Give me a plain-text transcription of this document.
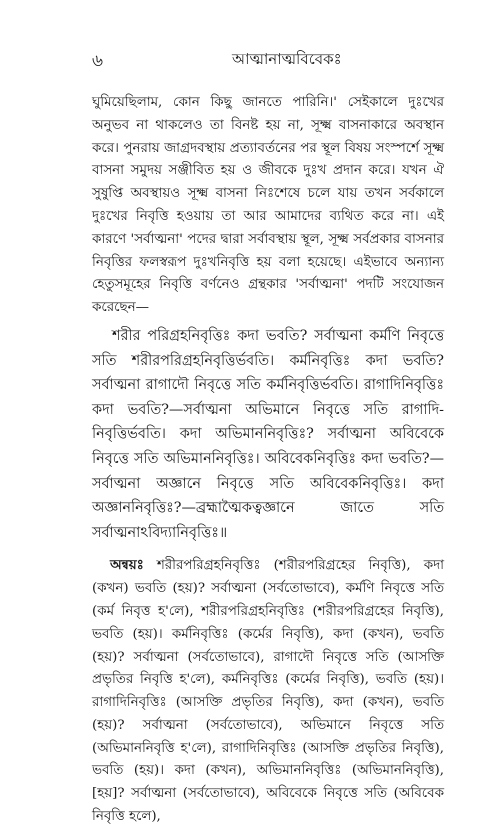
৬	আত্মানাত্মবিবেকঃ

ঘুমিয়েছিলাম, কোন কিছু জানতে পারিনি।' সেইকালে দুঃখের অনুভব না থাকলেও তা বিনষ্ট হয় না, সূক্ষ্ম বাসনাকারে অবস্থান করে। পুনরায় জাগ্রদবস্থায় প্রত্যাবর্তনের পর স্থূল বিষয় সংস্পর্শে সূক্ষ্ম বাসনা সমুদয় সঞ্জীবিত হয় ও জীবকে দুঃখ প্রদান করে। যখন ঐ সুষুপ্তি অবস্থায়ও সূক্ষ্ম বাসনা নিঃশেষে চলে যায় তখন সর্বকালে দুঃখের নিবৃত্তি হওয়ায় তা আর আমাদের ব্যথিত করে না। এই কারণে 'সর্বাত্মনা' পদের দ্বারা সর্বাবস্থায় স্থূল, সূক্ষ্ম সর্বপ্রকার বাসনার নিবৃত্তির ফলস্বরূপ দুঃখনিবৃত্তি হয় বলা হয়েছে। এইভাবে অন্যান্য হেতুসমূহের নিবৃত্তি বর্ণনেও গ্রন্থকার 'সর্বাত্মনা' পদটি সংযোজন করেছেন—

শরীর পরিগ্রহনিবৃত্তিঃ কদা ভবতি? সর্বাত্মনা কর্মণি নিবৃত্তে সতি শরীরপরিগ্রহনিবৃত্তির্ভবতি। কর্মনিবৃত্তিঃ কদা ভবতি? সর্বাত্মনা রাগাদৌ নিবৃত্তে সতি কর্মনিবৃত্তির্ভবতি। রাগাদিনিবৃত্তিঃ কদা ভবতি?—সর্বাত্মনা অভিমানে নিবৃত্তে সতি রাগাদি-নিবৃত্তির্ভবতি। কদা অভিমাননিবৃত্তিঃ? সর্বাত্মনা অবিবেকে নিবৃত্তে সতি অভিমাননিবৃত্তিঃ। অবিবেকনিবৃত্তিঃ কদা ভবতি?—সর্বাত্মনা অজ্ঞানে নিবৃত্তে সতি অবিবেকনিবৃত্তিঃ। কদা অজ্ঞাননিবৃত্তিঃ?—ব্রহ্মাত্মৈকত্বজ্ঞানে জাতে সতি সর্বাত্মনাঽবিদ্যানিবৃত্তিঃ॥

অন্বয়ঃ শরীরপরিগ্রহনিবৃত্তিঃ (শরীরপরিগ্রহের নিবৃত্তি), কদা (কখন) ভবতি (হয়)? সর্বাত্মনা (সর্বতোভাবে), কর্মণি নিবৃত্তে সতি (কর্ম নিবৃত্ত হ'লে), শরীরপরিগ্রহনিবৃত্তিঃ (শরীরপরিগ্রহের নিবৃত্তি), ভবতি (হয়)। কর্মনিবৃত্তিঃ (কর্মের নিবৃত্তি), কদা (কখন), ভবতি (হয়)? সর্বাত্মনা (সর্বতোভাবে), রাগাদৌ নিবৃত্তে সতি (আসক্তি প্রভৃতির নিবৃত্তি হ'লে), কর্মনিবৃত্তিঃ (কর্মের নিবৃত্তি), ভবতি (হয়)। রাগাদিনিবৃত্তিঃ (আসক্তি প্রভৃতির নিবৃত্তি), কদা (কখন), ভবতি (হয়)? সর্বাত্মনা (সর্বতোভাবে), অভিমানে নিবৃত্তে সতি (অভিমাননিবৃত্তি হ'লে), রাগাদিনিবৃত্তিঃ (আসক্তি প্রভৃতির নিবৃত্তি), ভবতি (হয়)। কদা (কখন), অভিমাননিবৃত্তিঃ (অভিমাননিবৃত্তি), [হয়]? সর্বাত্মনা (সর্বতোভাবে), অবিবেকে নিবৃত্তে সতি (অবিবেক নিবৃত্তি হলে),
